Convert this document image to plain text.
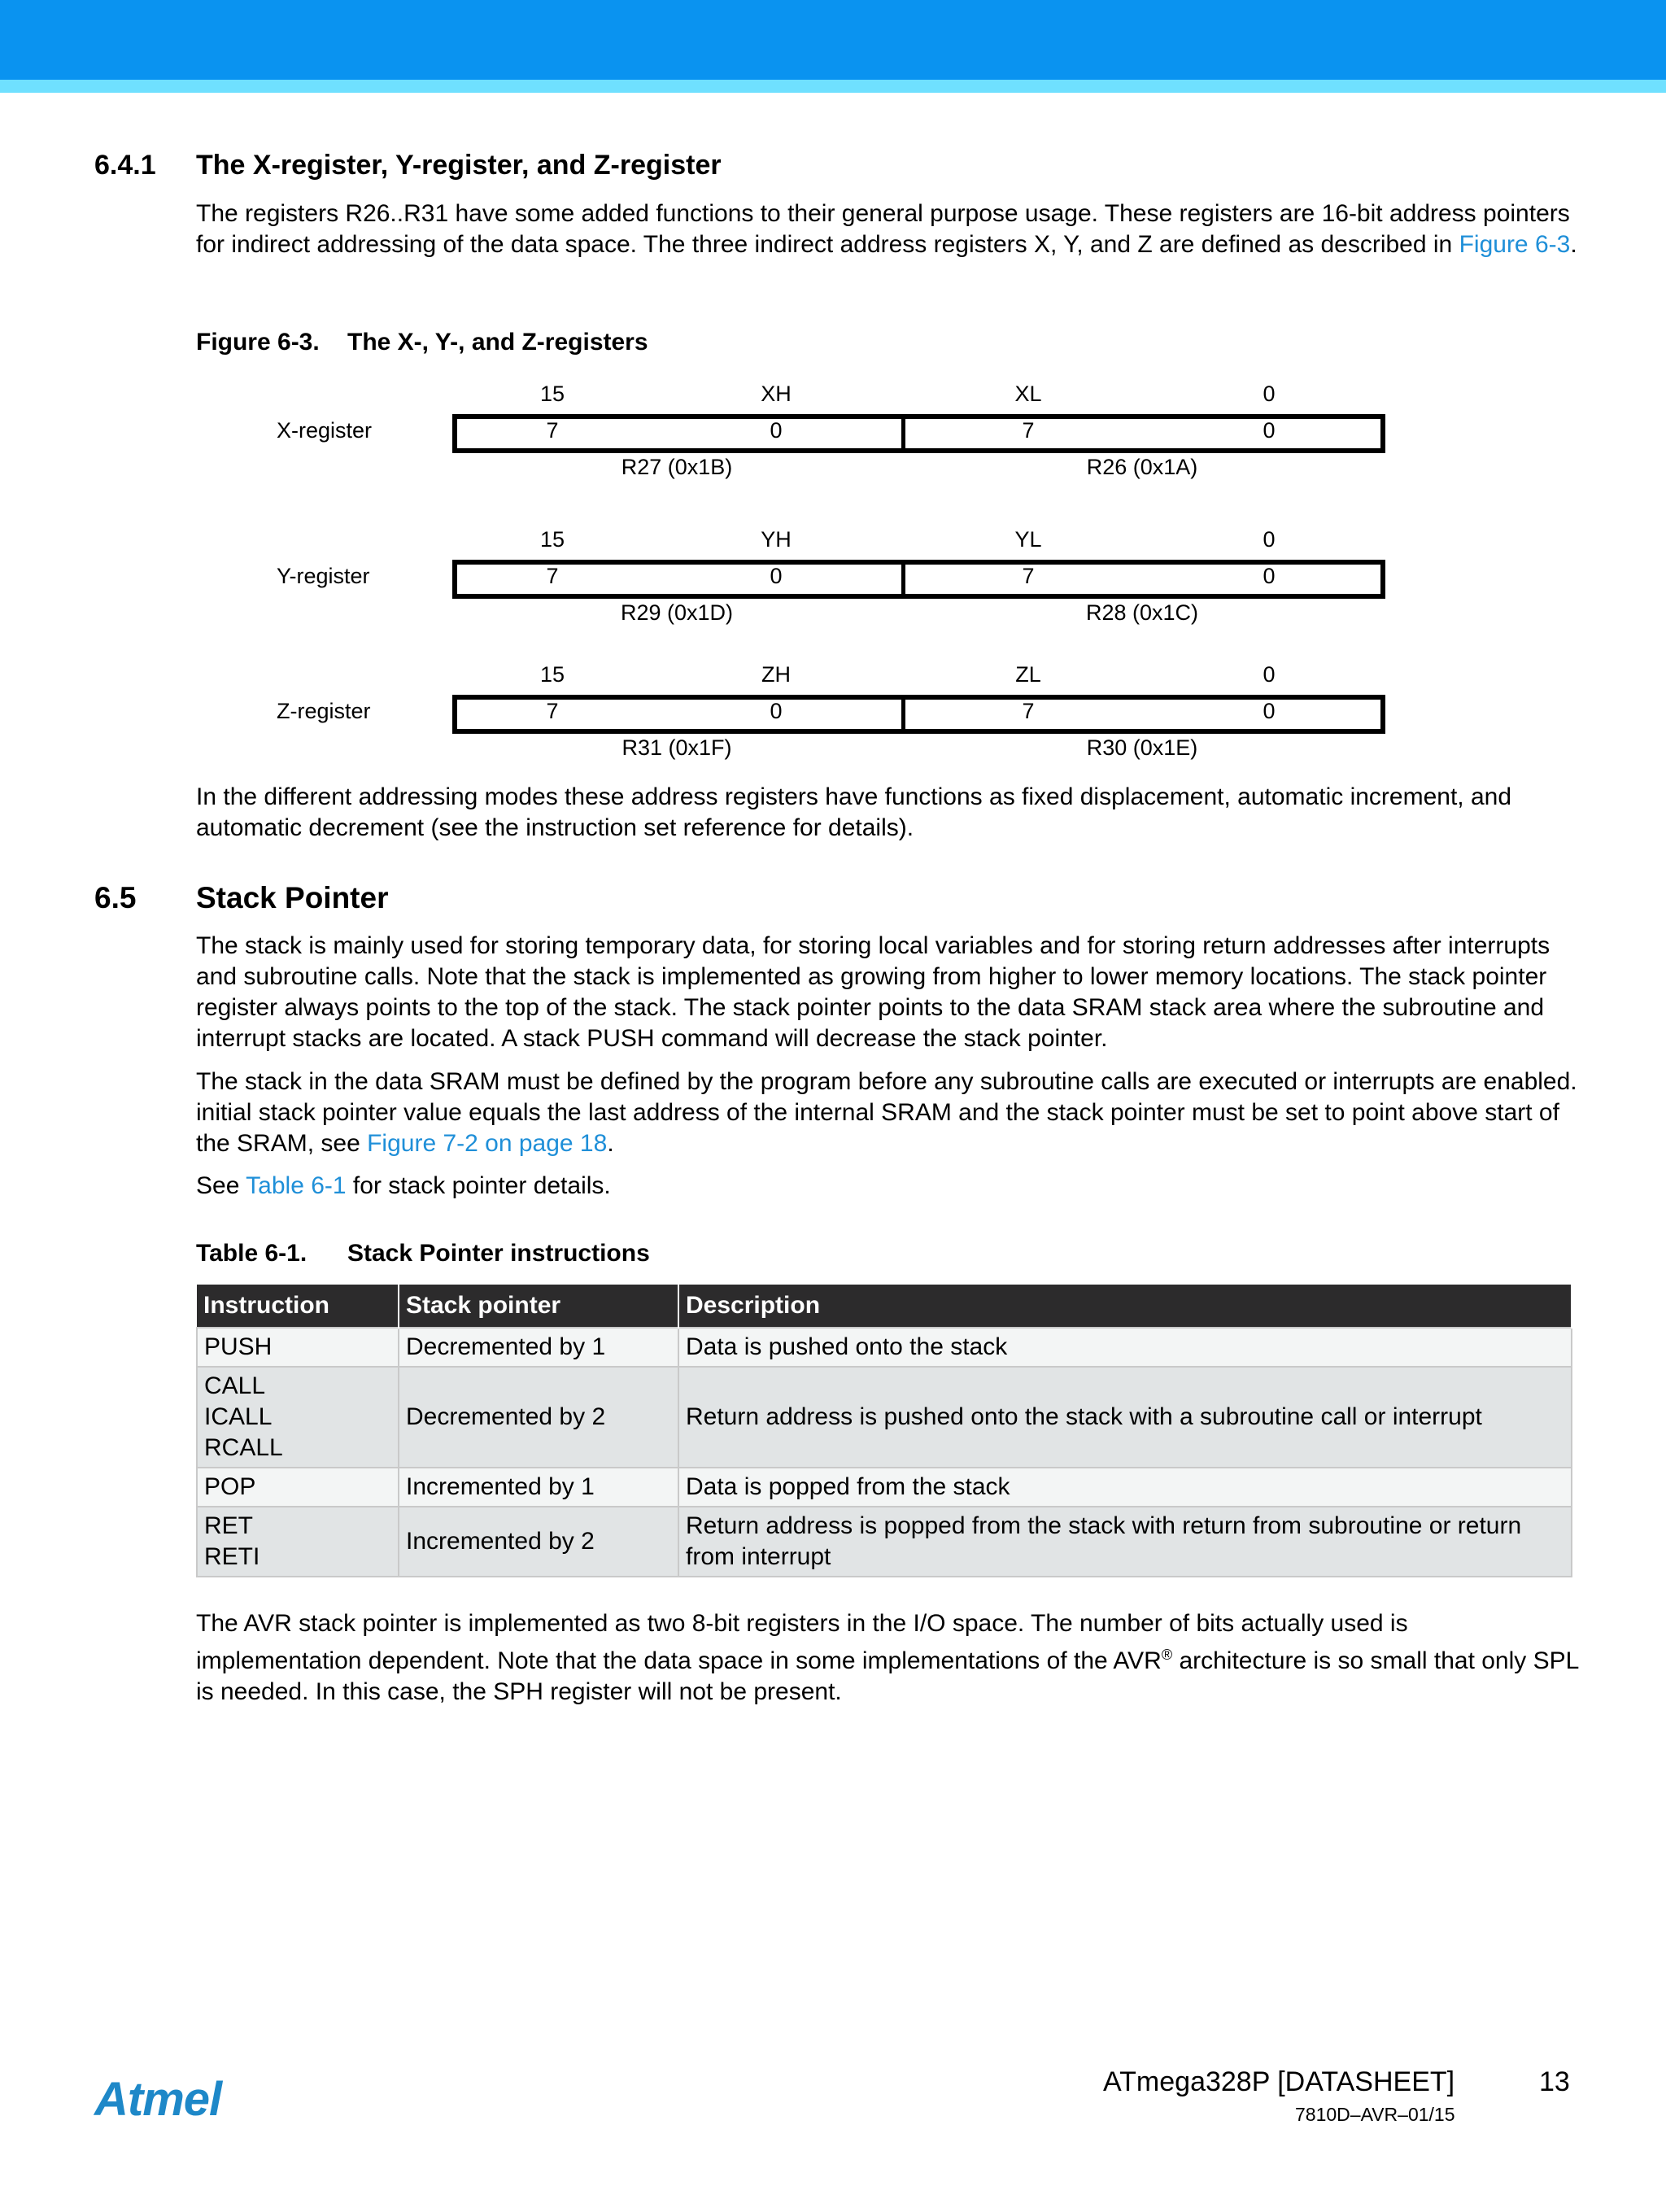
6.4.1 The X-register, Y-register, and Z-register

The registers R26..R31 have some added functions to their general purpose usage. These registers are 16-bit address pointers for indirect addressing of the data space. The three indirect address registers X, Y, and Z are defined as described in Figure 6-3.

Figure 6-3. The X-, Y-, and Z-registers
X-register
15	XH	XL	0
7	0	7	0
R27 (0x1B)	R26 (0x1A)
Y-register
15	YH	YL	0
7	0	7	0
R29 (0x1D)	R28 (0x1C)
Z-register
15	ZH	ZL	0
7	0	7	0
R31 (0x1F)	R30 (0x1E)

In the different addressing modes these address registers have functions as fixed displacement, automatic increment, and automatic decrement (see the instruction set reference for details).

6.5 Stack Pointer

The stack is mainly used for storing temporary data, for storing local variables and for storing return addresses after interrupts and subroutine calls. Note that the stack is implemented as growing from higher to lower memory locations. The stack pointer register always points to the top of the stack. The stack pointer points to the data SRAM stack area where the subroutine and interrupt stacks are located. A stack PUSH command will decrease the stack pointer.

The stack in the data SRAM must be defined by the program before any subroutine calls are executed or interrupts are enabled. initial stack pointer value equals the last address of the internal SRAM and the stack pointer must be set to point above start of the SRAM, see Figure 7-2 on page 18.

See Table 6-1 for stack pointer details.

Table 6-1. Stack Pointer instructions
Instruction	Stack pointer	Description

PUSH	Decremented by 1	Data is pushed onto the stack

CALL
ICALL
RCALL	Decremented by 2	Return address is pushed onto the stack with a subroutine call or interrupt

POP	Incremented by 1	Data is popped from the stack

RET
RETI	Incremented by 2	Return address is popped from the stack with return from subroutine or return from interrupt

The AVR stack pointer is implemented as two 8-bit registers in the I/O space. The number of bits actually used is implementation dependent. Note that the data space in some implementations of the AVR® architecture is so small that only SPL is needed. In this case, the SPH register will not be present.

Atmel	ATmega328P [DATASHEET]	13
7810D–AVR–01/15
